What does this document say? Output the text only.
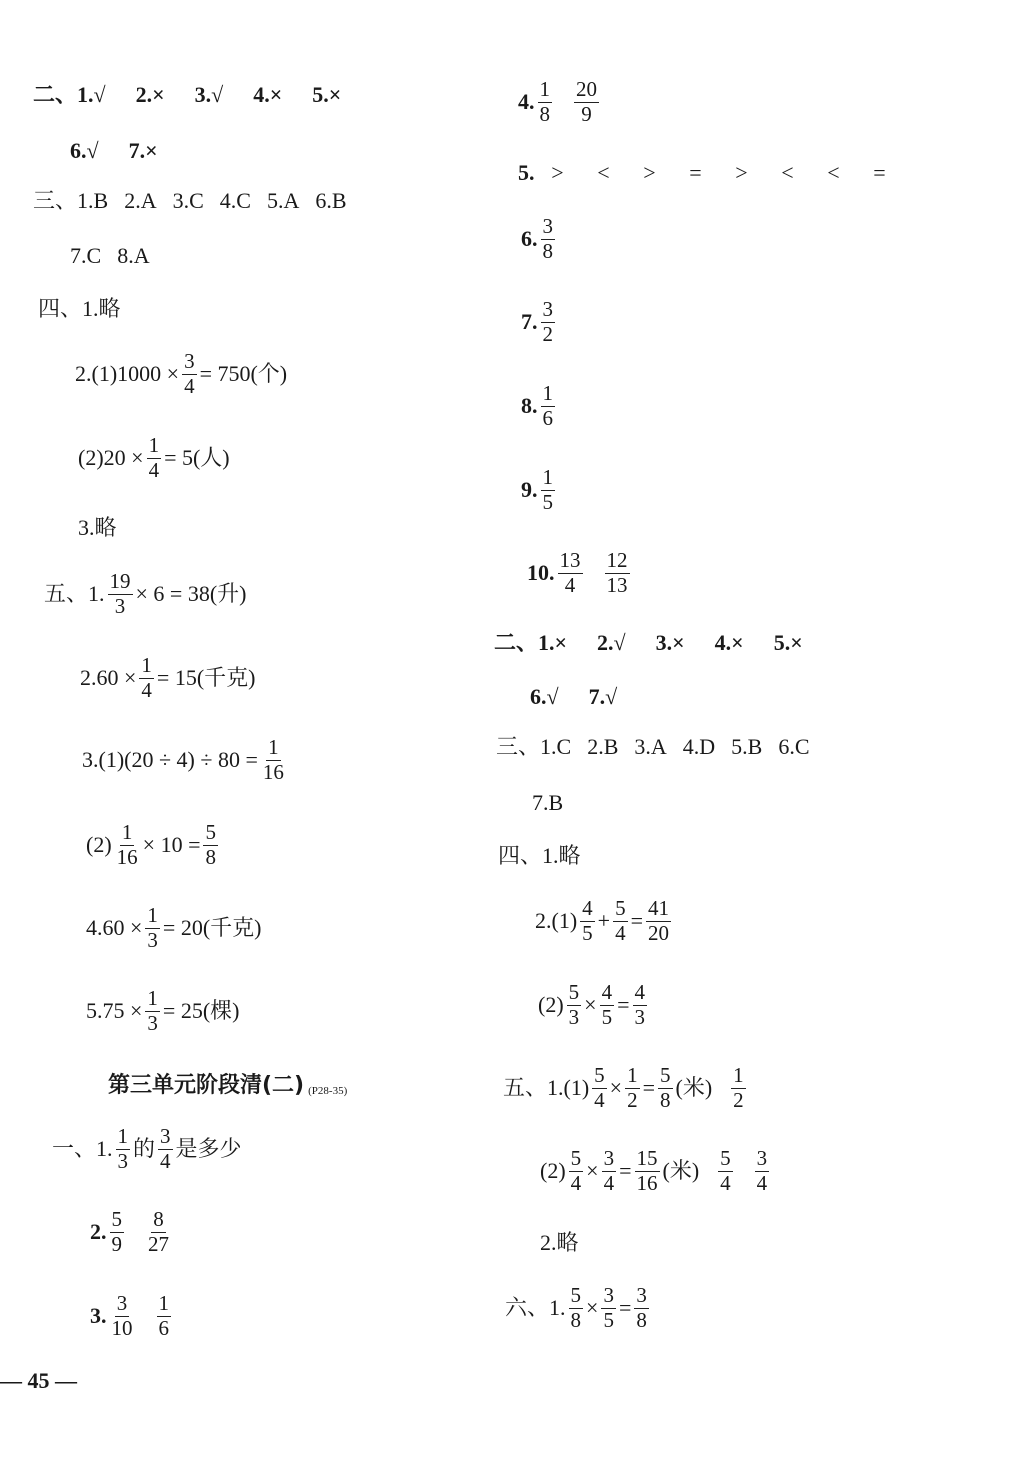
二、1.√ 2.× 3.√ 4.× 5.×
6.√ 7.×
三、1.B 2.A 3.C 4.C 5.A 6.B
7.C 8.A
四、1.略
$2.(1)1000 \times \frac{3}{4} = 750$(个)
$(2)20 \times \frac{1}{4} = 5$(人)
3.略
五、1. $\frac{19}{3} \times 6 = 38$(升)
$2.60 \times \frac{1}{4} = 15$(千克)
$3.(1)(20 \div 4) \div 80 = \frac{1}{16}$
$(2) \frac{1}{16} \times 10 = \frac{5}{8}$
$4.60 \times \frac{1}{3} = 20$(千克)
$5.75 \times \frac{1}{3} = 25$(棵)
第三单元阶段清(二) (P28-35)
一、1. $\frac{1}{3}$ 的 $\frac{3}{4}$ 是多少
2. $\frac{5}{9} \frac{8}{27}$
3. $\frac{3}{10} \frac{1}{6}$
— 45 —
4. $\frac{1}{8} \frac{20}{9}$
5. >	<	>	=	>	<	<	=
6. $\frac{3}{8}$
7. $\frac{3}{2}$
8. $\frac{1}{6}$
9. $\frac{1}{5}$
10. $\frac{13}{4} \frac{12}{13}$
二、1.× 2.√ 3.× 4.× 5.×
6.√ 7.√
三、1.C 2.B 3.A 4.D 5.B 6.C
7.B
四、1.略
$2.(1) \frac{4}{5} + \frac{5}{4} = \frac{41}{20}$
$(2) \frac{5}{3} \times \frac{4}{5} = \frac{4}{3}$
五、$1.(1) \frac{5}{4} \times \frac{1}{2} = \frac{5}{8}$ (米) $\frac{1}{2}$
$(2) \frac{5}{4} \times \frac{3}{4} = \frac{15}{16}$ (米) $\frac{5}{4} \frac{3}{4}$
2.略
六、1. $\frac{5}{8} \times \frac{3}{5} = \frac{3}{8}$
